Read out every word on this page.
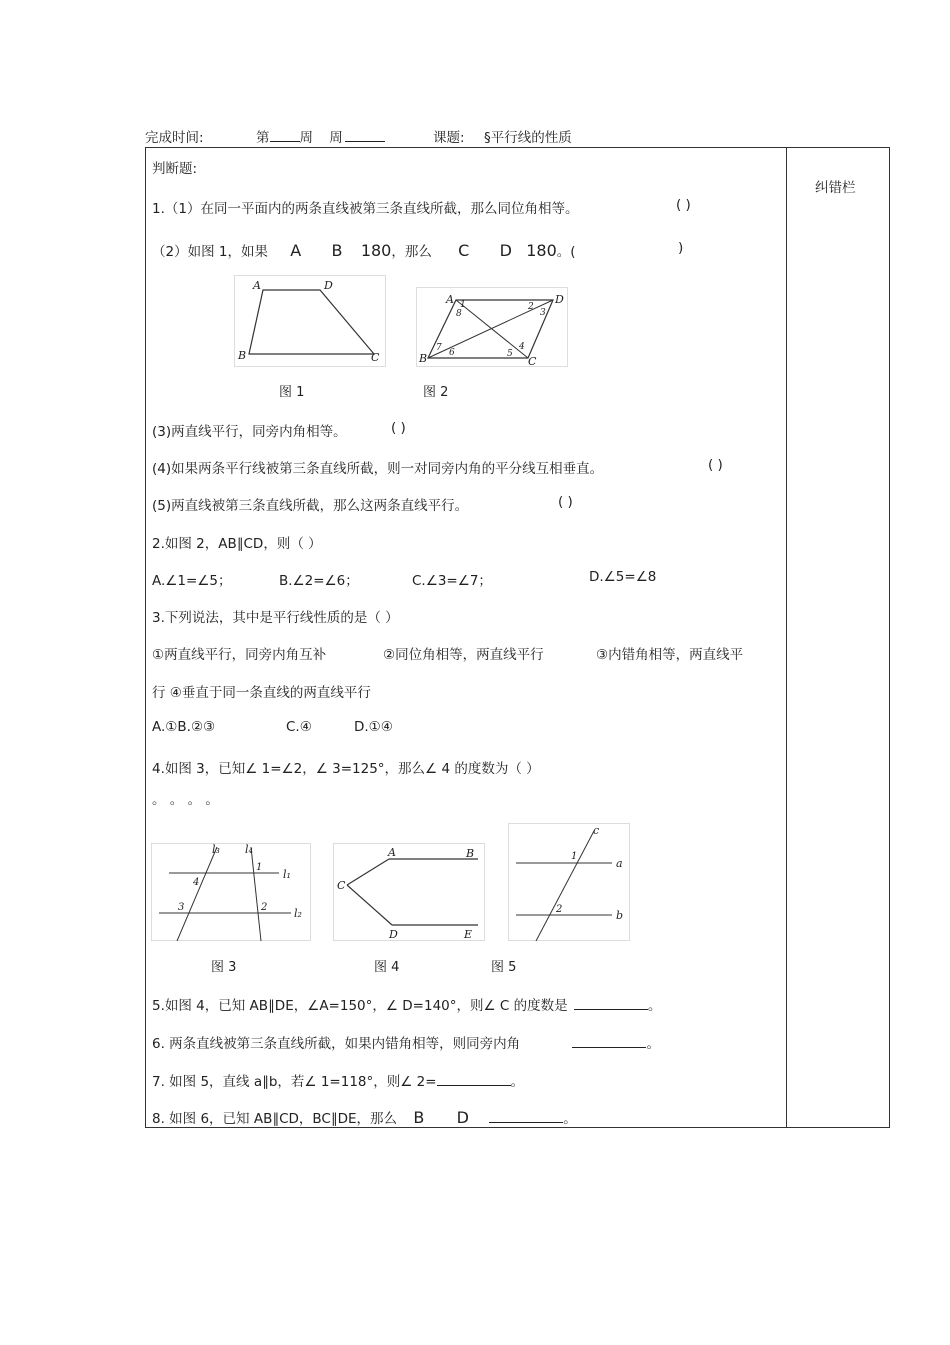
完成时间:	第 周 周	课题: §平行线的性质
纠错栏
判断题:
1.（1）在同一平面内的两条直线被第三条直线所截，那么同位角相等。	( )
（2）如图 1，如果 A B 180，那么 C D 180。(	)
A	D
B	C
图 1
A	D
B	C
1
8
2
3
4
5
6
7
图 2
(3)两直线平行，同旁内角相等。	( )
(4)如果两条平行线被第三条直线所截，则一对同旁内角的平分线互相垂直。	( )
(5)两直线被第三条直线所截，那么这两条直线平行。	( )
2.如图 2，AB∥CD，则（ ）
A.∠1=∠5；	B.∠2=∠6；	C.∠3=∠7；	D.∠5=∠8
3.下列说法，其中是平行线性质的是（ ）
①两直线平行，同旁内角互补	②同位角相等，两直线平行	③内错角相等，两直线平
行 ④垂直于同一条直线的两直线平行
A.①B.②③	C.④	D.①④
4.如图 3，已知∠ 1=∠2，∠ 3=125°，那么∠ 4 的度数为（ ）
。 。 。 。
l₃ l₄
l₁
l₂
1
2
3
4
图 3
A	B
C
D	E
图 4
c
a
b
1
2
图 5
5.如图 4，已知 AB∥DE，∠A=150°，∠ D=140°，则∠ C 的度数是	。
6. 两条直线被第三条直线所截，如果内错角相等，则同旁内角	。
7. 如图 5，直线 a∥b，若∠ 1=118°，则∠ 2=	。
8. 如图 6，已知 AB∥CD，BC∥DE，那么 B D	。
